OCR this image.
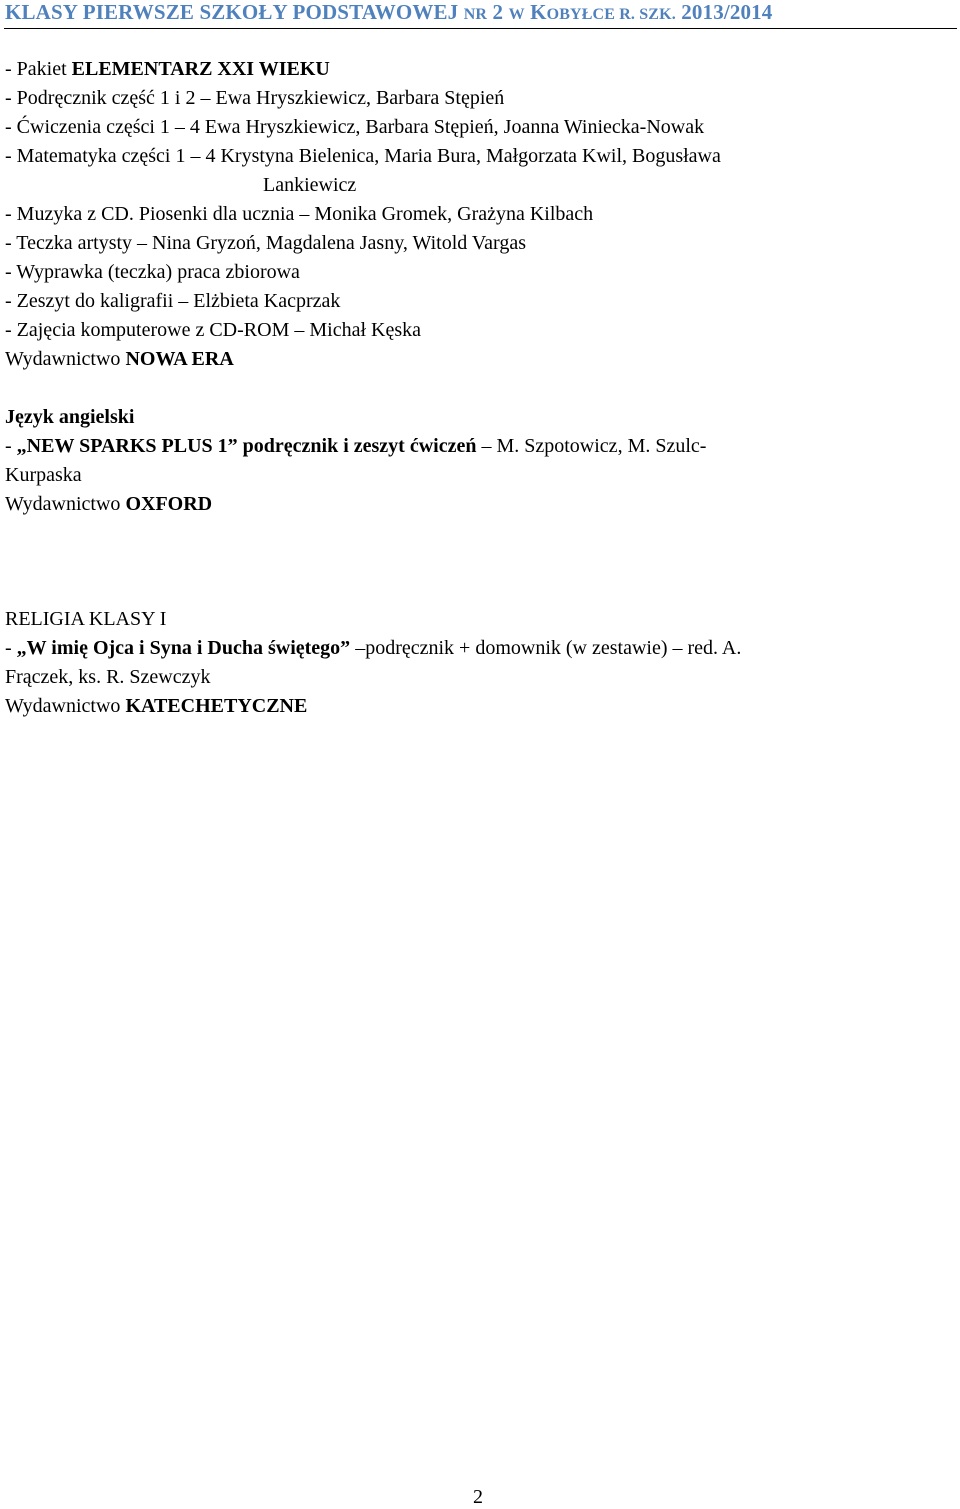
KLASY PIERWSZE SZKOŁY PODSTAWOWEJ NR 2 W KOBYŁCE R. SZK. 2013/2014
- Pakiet ELEMENTARZ XXI WIEKU
- Podręcznik część 1 i 2 – Ewa Hryszkiewicz, Barbara Stępień
- Ćwiczenia części 1 – 4 Ewa Hryszkiewicz, Barbara Stępień, Joanna Winiecka-Nowak
- Matematyka części 1 – 4 Krystyna Bielenica, Maria Bura, Małgorzata Kwil, Bogusława
Lankiewicz
- Muzyka z CD. Piosenki dla ucznia – Monika Gromek, Grażyna Kilbach
- Teczka artysty – Nina Gryzoń, Magdalena Jasny, Witold Vargas
- Wyprawka (teczka) praca zbiorowa
- Zeszyt do kaligrafii – Elżbieta Kacprzak
- Zajęcia komputerowe z CD-ROM – Michał Kęska
Wydawnictwo NOWA ERA
Język angielski
- „NEW SPARKS PLUS 1” podręcznik i zeszyt ćwiczeń – M. Szpotowicz, M. Szulc-
Kurpaska
Wydawnictwo OXFORD
RELIGIA KLASY I
- „W imię Ojca i Syna i Ducha świętego” –podręcznik + domownik (w zestawie) – red. A.
Frączek, ks. R. Szewczyk
Wydawnictwo KATECHETYCZNE
2
